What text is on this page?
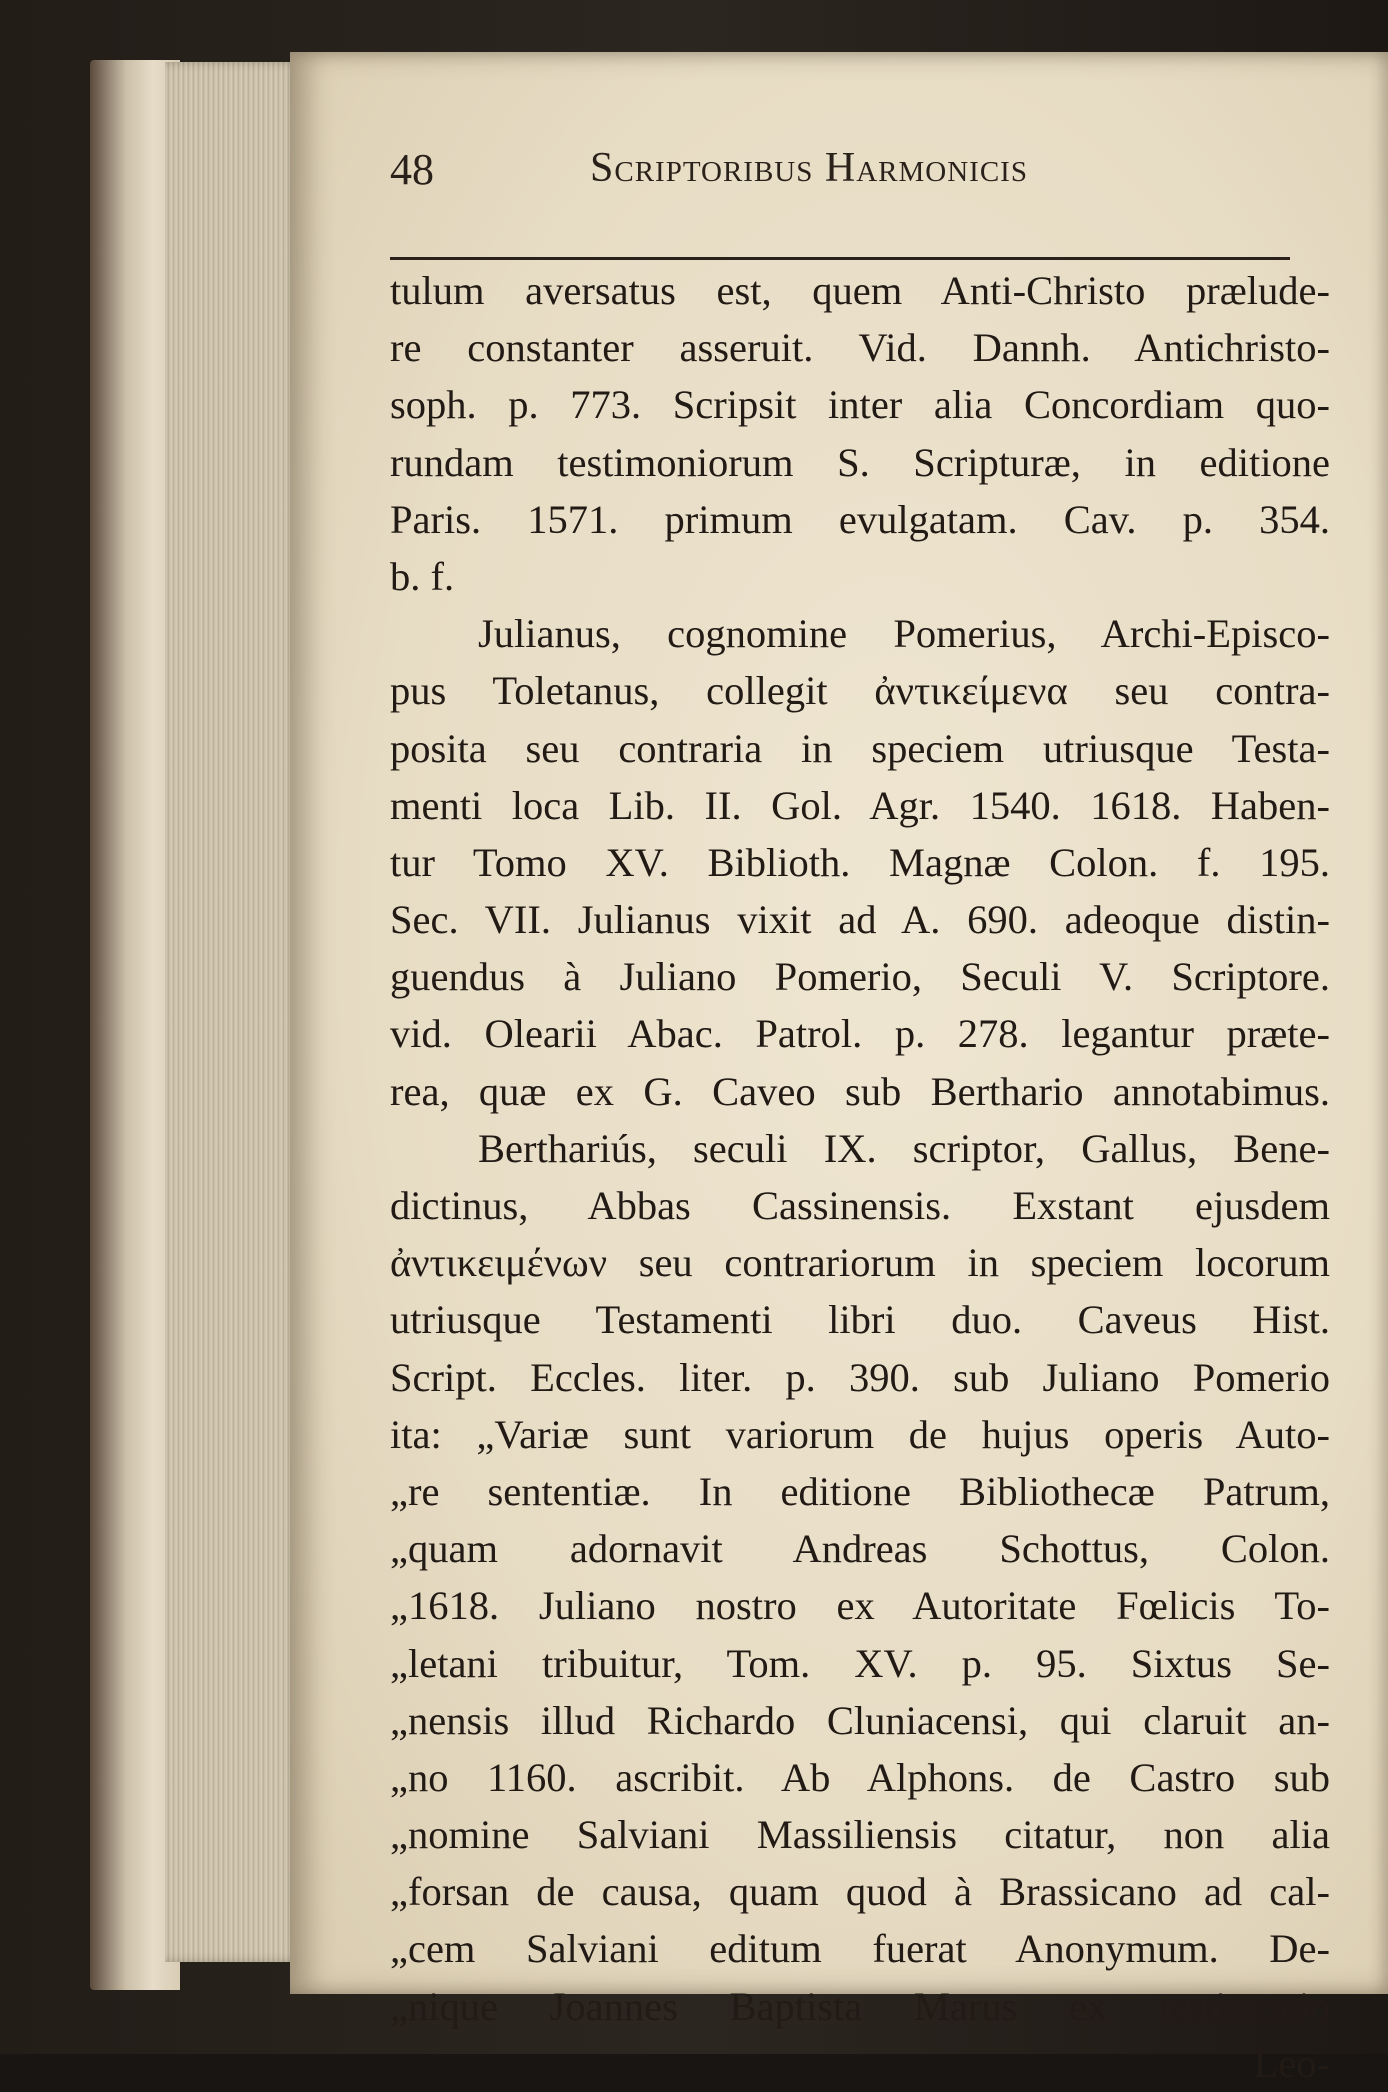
48	Scriptoribus Harmonicis
tulum aversatus est, quem Anti-Christo prælude-
re constanter asseruit. Vid. Dannh. Antichristo-
soph. p. 773. Scripsit inter alia Concordiam quo-
rundam testimoniorum S. Scripturæ, in editione
Paris. 1571. primum evulgatam. Cav. p. 354.
b. f.
Julianus, cognomine Pomerius, Archi-Episco-
pus Toletanus, collegit ἀντικείμενα seu contra-
posita seu contraria in speciem utriusque Testa-
menti loca Lib. II. Gol. Agr. 1540. 1618. Haben-
tur Tomo XV. Biblioth. Magnæ Colon. f. 195.
Sec. VII. Julianus vixit ad A. 690. adeoque distin-
guendus à Juliano Pomerio, Seculi V. Scriptore.
vid. Olearii Abac. Patrol. p. 278. legantur præte-
rea, quæ ex G. Caveo sub Berthario annotabimus.
Berthariús, seculi IX. scriptor, Gallus, Bene-
dictinus, Abbas Cassinensis. Exstant ejusdem
ἀντικειμένων seu contrariorum in speciem locorum
utriusque Testamenti libri duo. Caveus Hist.
Script. Eccles. liter. p. 390. sub Juliano Pomerio
ita: „Variæ sunt variorum de hujus operis Auto-
„re sententiæ. In editione Bibliothecæ Patrum,
„quam adornavit Andreas Schottus, Colon.
„1618. Juliano nostro ex Autoritate Fœlicis To-
„letani tribuitur, Tom. XV. p. 95. Sixtus Se-
„nensis illud Richardo Cluniacensi, qui claruit an-
„no 1160. ascribit. Ab Alphons. de Castro sub
„nomine Salviani Massiliensis citatur, non alia
„forsan de causa, quam quod à Brassicano ad cal-
„cem Salviani editum fuerat Anonymum. De-
„nique Joannes Baptista Marus ex testimonio
Leo-
